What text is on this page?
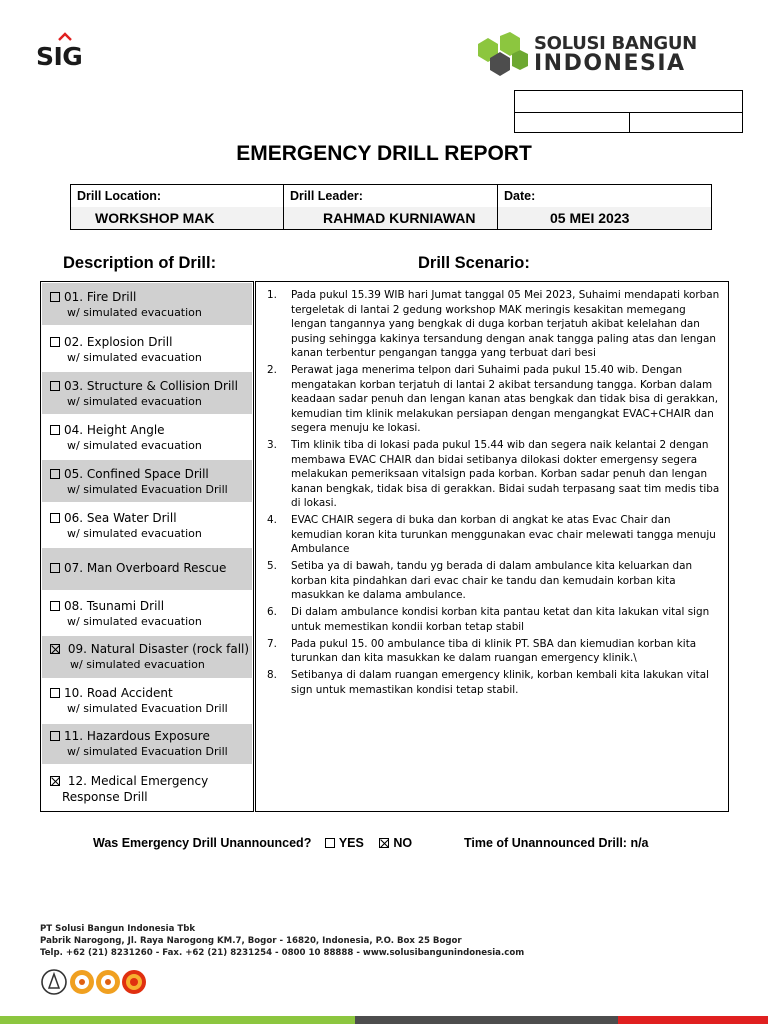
SIG	SOLUSI BANGUN
INDONESIA
EMERGENCY DRILL REPORT
Drill Location:
WORKSHOP MAK
Drill Leader:
RAHMAD KURNIAWAN
Date:
05 MEI 2023
Description of Drill:	Drill Scenario:
01. Fire Drill
w/ simulated evacuation
02. Explosion Drill
w/ simulated evacuation
03. Structure & Collision Drill
w/ simulated evacuation
04. Height Angle
w/ simulated evacuation
05. Confined Space Drill
w/ simulated Evacuation Drill
06. Sea Water Drill
w/ simulated evacuation
07. Man Overboard Rescue
08. Tsunami Drill
w/ simulated evacuation
09. Natural Disaster (rock fall)
w/ simulated evacuation
10. Road Accident
w/ simulated Evacuation Drill
11. Hazardous Exposure
w/ simulated Evacuation Drill
12. Medical Emergency
Response Drill
1.	Pada pukul 15.39 WIB hari Jumat tanggal 05 Mei 2023, Suhaimi mendapati korban tergeletak di lantai 2 gedung workshop MAK meringis kesakitan memegang lengan tangannya yang bengkak di duga korban terjatuh akibat kelelahan dan pusing sehingga kakinya tersandung dengan anak tangga paling atas dan lengan kanan terbentur pengangan tangga yang terbuat dari besi
2.	Perawat jaga menerima telpon dari Suhaimi pada pukul 15.40 wib. Dengan mengatakan korban terjatuh di lantai 2 akibat tersandung tangga. Korban dalam keadaan sadar penuh dan lengan kanan atas bengkak dan tidak bisa di gerakkan, kemudian tim klinik melakukan persiapan dengan mengangkat EVAC+CHAIR dan segera menuju ke lokasi.
3.	Tim klinik tiba di lokasi pada pukul 15.44 wib dan segera naik kelantai 2 dengan membawa EVAC CHAIR dan bidai setibanya dilokasi dokter emergensy segera melakukan pemeriksaan vitalsign pada korban. Korban sadar penuh dan lengan kanan bengkak, tidak bisa di gerakkan. Bidai sudah terpasang saat tim medis tiba di lokasi.
4.	EVAC CHAIR segera di buka dan korban di angkat ke atas Evac Chair dan kemudian koran kita turunkan menggunakan evac chair melewati tangga menuju Ambulance
5.	Setiba ya di bawah, tandu yg berada di dalam ambulance kita keluarkan dan korban kita pindahkan dari evac chair ke tandu dan kemudain korban kita masukkan ke dalama ambulance.
6.	Di dalam ambulance kondisi korban kita pantau ketat dan kita lakukan vital sign untuk memestikan kondii korban tetap stabil
7.	Pada pukul 15. 00 ambulance tiba di klinik PT. SBA dan kiemudian korban kita turunkan dan kita masukkan ke dalam ruangan emergency klinik.\
8.	Setibanya di dalam ruangan emergency klinik, korban kembali kita lakukan vital sign untuk memastikan kondisi tetap stabil.
Was Emergency Drill Unannounced? YES NO	Time of Unannounced Drill: n/a
PT Solusi Bangun Indonesia Tbk
Pabrik Narogong, Jl. Raya Narogong KM.7, Bogor - 16820, Indonesia, P.O. Box 25 Bogor
Telp. +62 (21) 8231260 - Fax. +62 (21) 8231254 - 0800 10 88888 - www.solusibangunindonesia.com
